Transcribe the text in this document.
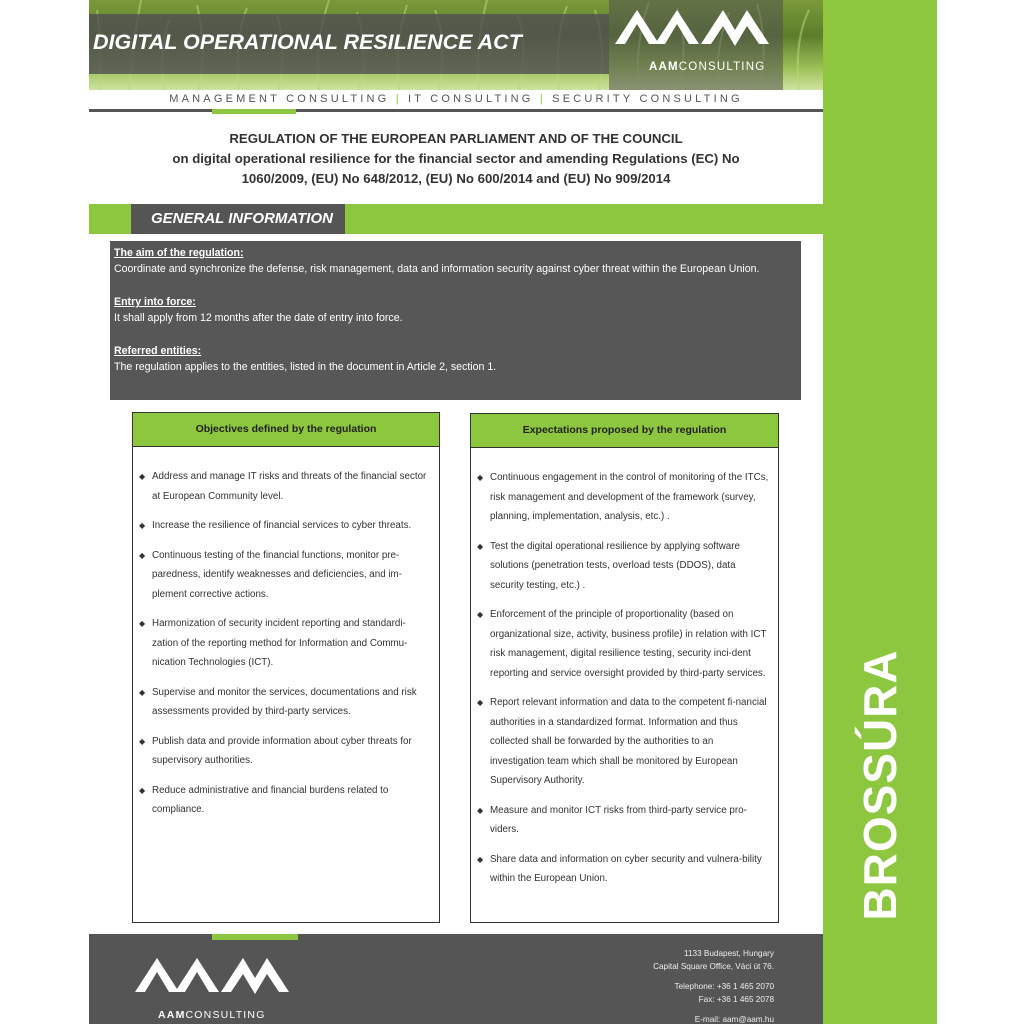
BROSSÚRA
DIGITAL OPERATIONAL RESILIENCE ACT
AAMCONSULTING
MANAGEMENT CONSULTING | IT CONSULTING | SECURITY CONSULTING
REGULATION OF THE EUROPEAN PARLIAMENT AND OF THE COUNCIL
on digital operational resilience for the financial sector and amending Regulations (EC) No
1060/2009, (EU) No 648/2012, (EU) No 600/2014 and (EU) No 909/2014
GENERAL INFORMATION
The aim of the regulation:
Coordinate and synchronize the defense, risk management, data and information security against cyber threat within the European Union.
Entry into force:
It shall apply from 12 months after the date of entry into force.
Referred entities:
The regulation applies to the entities, listed in the document in Article 2, section 1.
Objectives defined by the regulation
◆ Address and manage IT risks and threats of the financial sector at European Community level.
◆ Increase the resilience of financial services to cyber threats.
◆ Continuous testing of the financial functions, monitor pre-paredness, identify weaknesses and deficiencies, and im-plement corrective actions.
◆ Harmonization of security incident reporting and standardi-zation of the reporting method for Information and Commu-nication Technologies (ICT).
◆ Supervise and monitor the services, documentations and risk assessments provided by third-party services.
◆ Publish data and provide information about cyber threats for supervisory authorities.
◆ Reduce administrative and financial burdens related to compliance.
Expectations proposed by the regulation
◆ Continuous engagement in the control of monitoring of the ITCs, risk management and development of the framework (survey, planning, implementation, analysis, etc.) .
◆ Test the digital operational resilience by applying software solutions (penetration tests, overload tests (DDOS), data security testing, etc.) .
◆ Enforcement of the principle of proportionality (based on organizational size, activity, business profile) in relation with ICT risk management, digital resilience testing, security inci-dent reporting and service oversight provided by third-party services.
◆ Report relevant information and data to the competent fi-nancial authorities in a standardized format. Information and thus collected shall be forwarded by the authorities to an investigation team which shall be monitored by European Supervisory Authority.
◆ Measure and monitor ICT risks from third-party service pro-viders.
◆ Share data and information on cyber security and vulnera-bility within the European Union.
AAMCONSULTING
1133 Budapest, Hungary
Capital Square Office, Váci út 76.
Telephone: +36 1 465 2070
Fax: +36 1 465 2078
E-mail: aam@aam.hu
